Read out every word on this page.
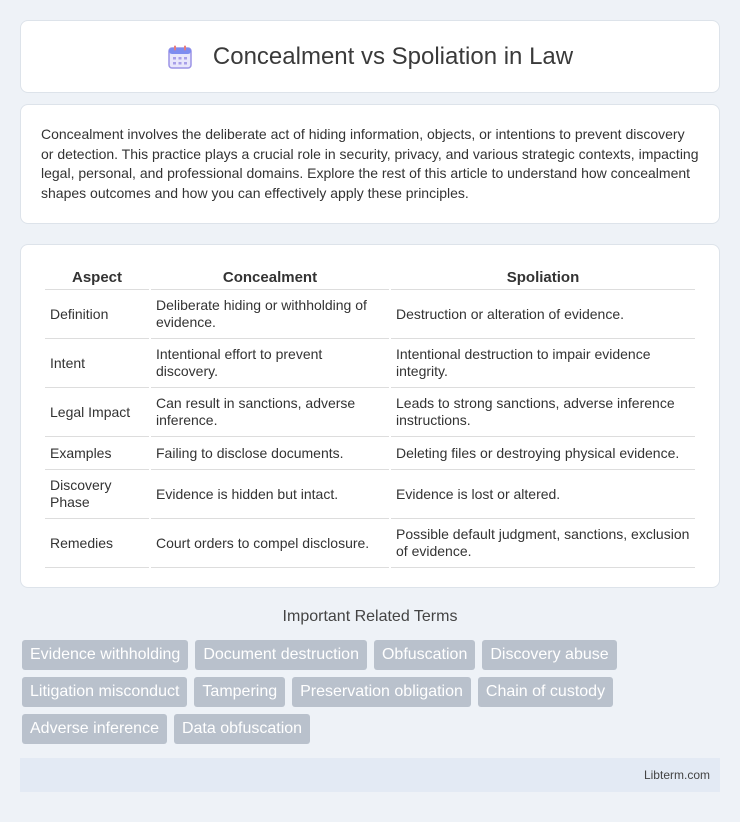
Concealment vs Spoliation in Law

Concealment involves the deliberate act of hiding information, objects, or intentions to prevent discovery or detection. This practice plays a crucial role in security, privacy, and various strategic contexts, impacting legal, personal, and professional domains. Explore the rest of this article to understand how concealment shapes outcomes and how you can effectively apply these principles.

Aspect	Concealment	Spoliation
Definition	Deliberate hiding or withholding of evidence.	Destruction or alteration of evidence.
Intent	Intentional effort to prevent discovery.	Intentional destruction to impair evidence integrity.
Legal Impact	Can result in sanctions, adverse inference.	Leads to strong sanctions, adverse inference instructions.
Examples	Failing to disclose documents.	Deleting files or destroying physical evidence.
Discovery Phase	Evidence is hidden but intact.	Evidence is lost or altered.
Remedies	Court orders to compel disclosure.	Possible default judgment, sanctions, exclusion of evidence.
Important Related Terms
Evidence withholding	Document destruction	Obfuscation	Discovery abuse
Litigation misconduct	Tampering	Preservation obligation	Chain of custody
Adverse inference	Data obfuscation
Libterm.com
